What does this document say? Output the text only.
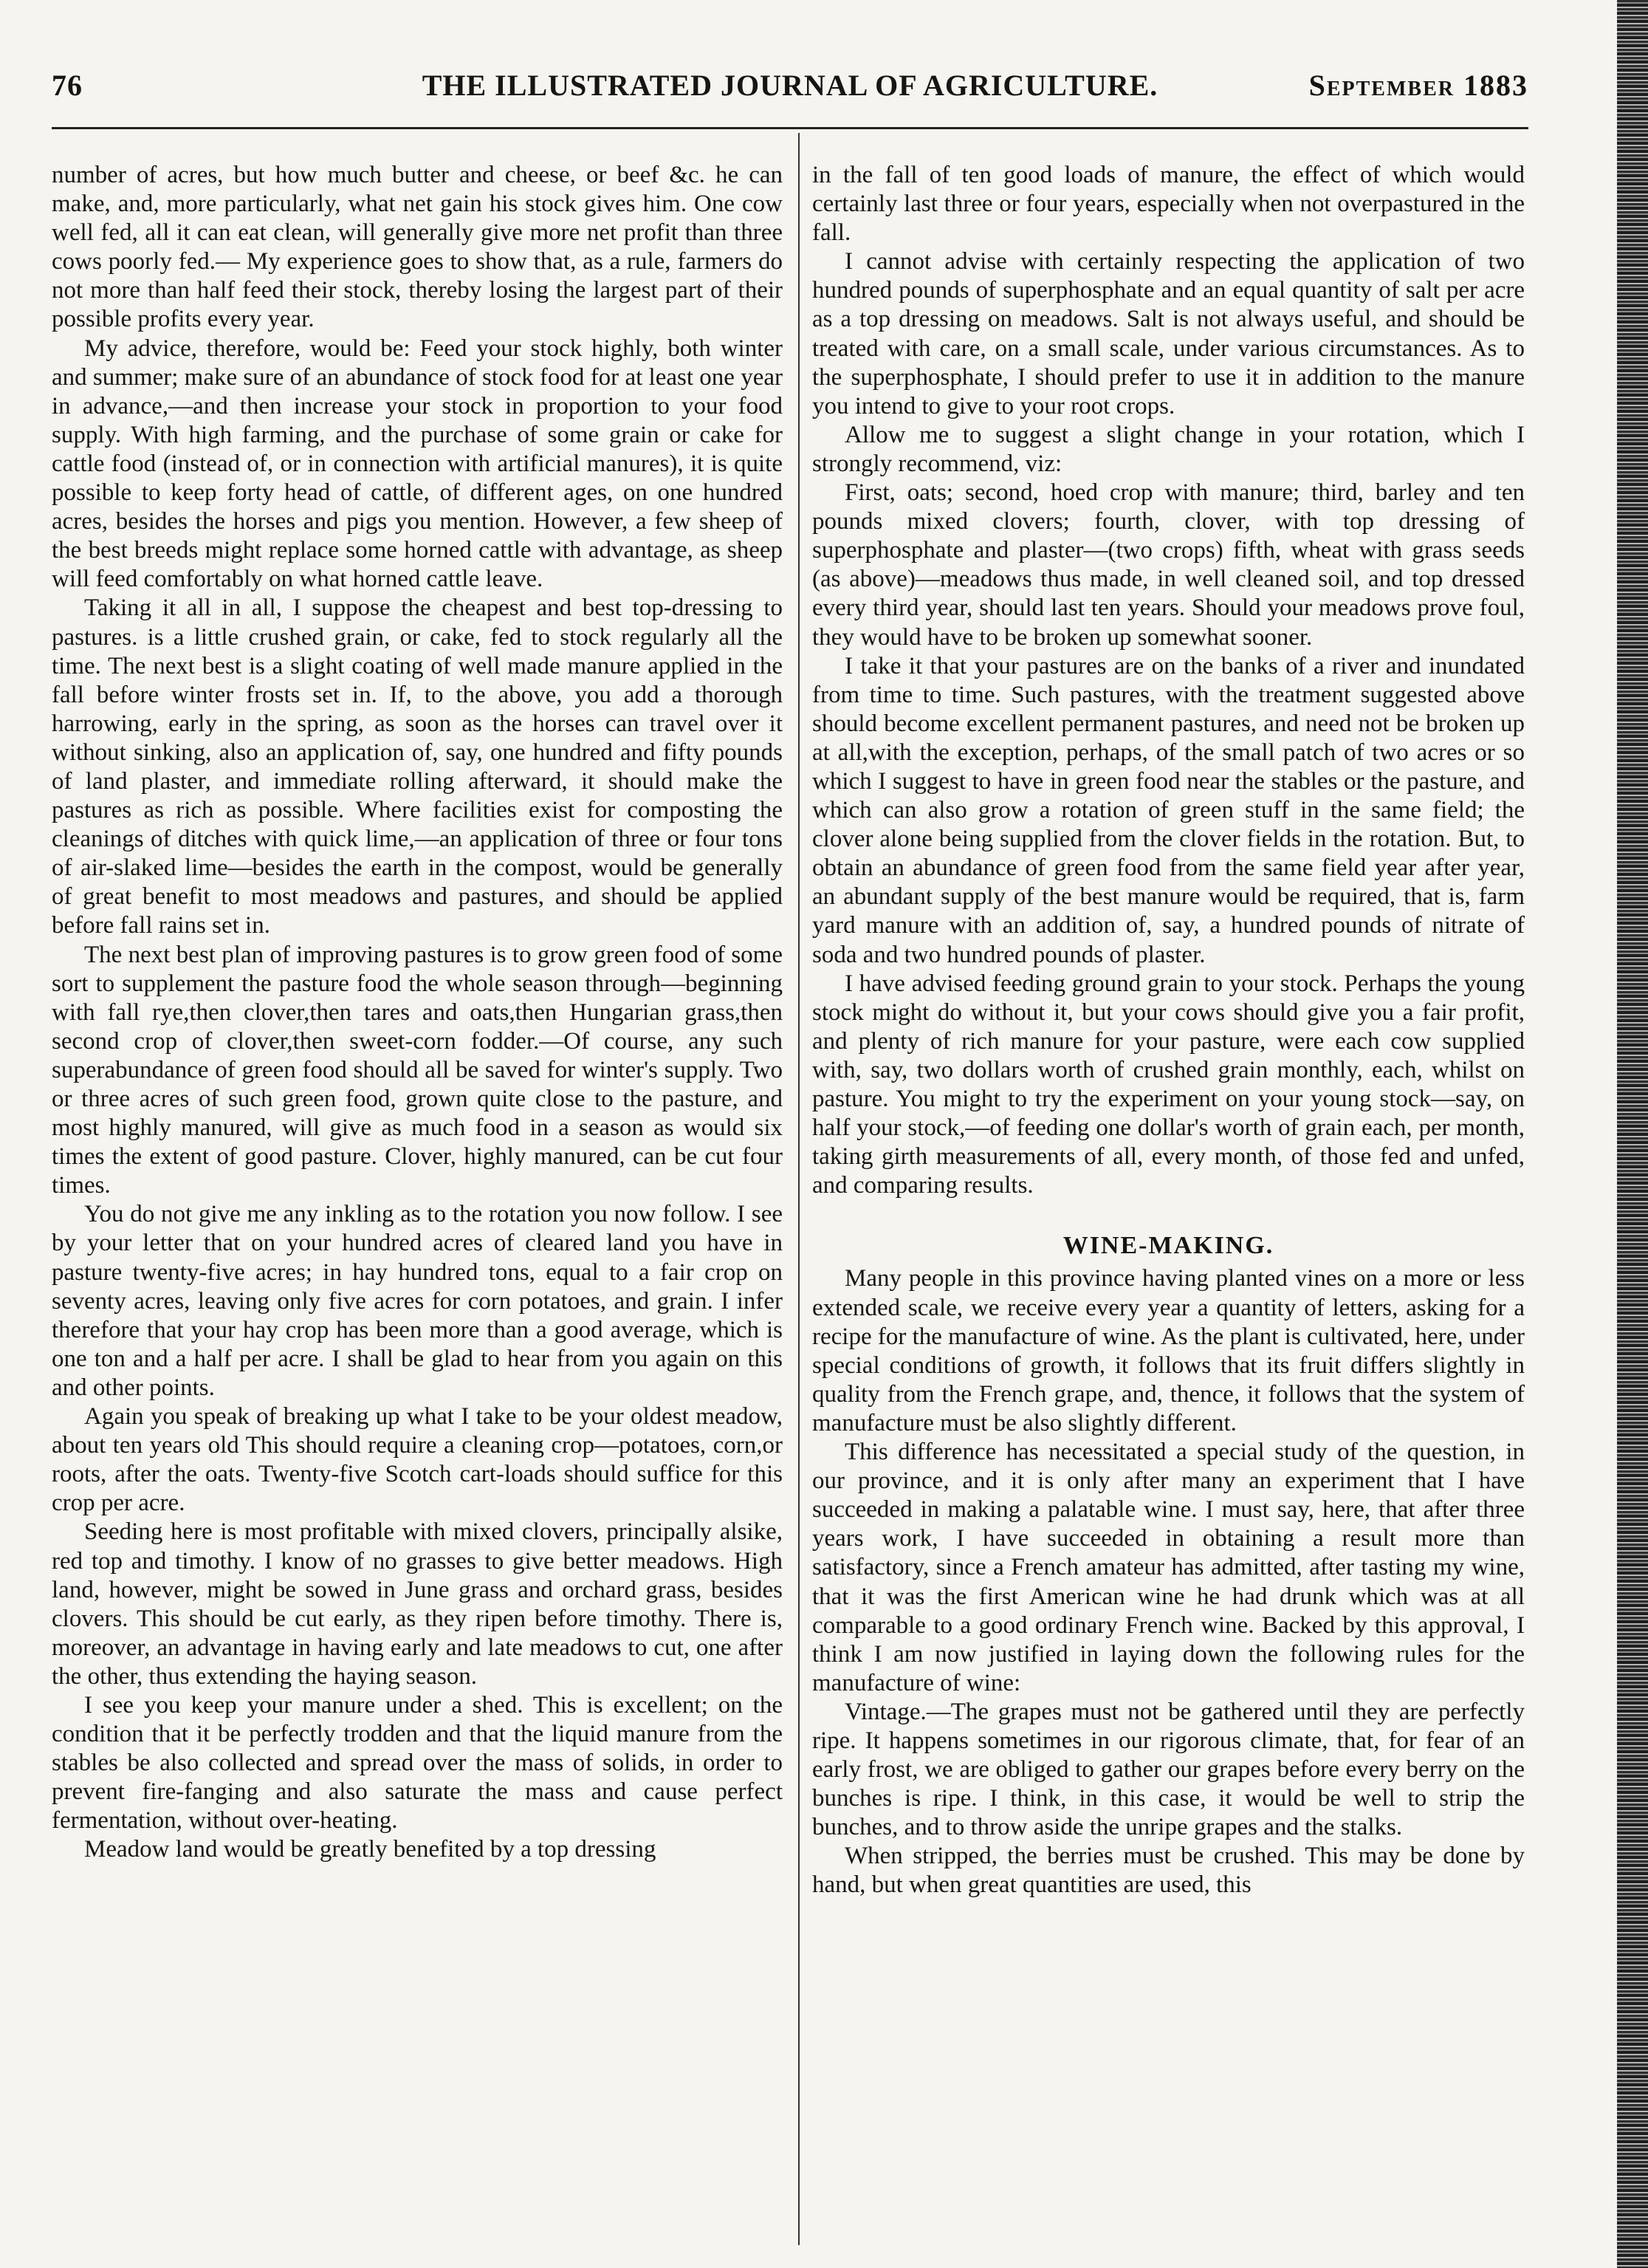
76	THE ILLUSTRATED JOURNAL OF AGRICULTURE.	September 1883

number of acres, but how much butter and cheese, or beef &c. he can make, and, more particularly, what net gain his stock gives him. One cow well fed, all it can eat clean, will generally give more net profit than three cows poorly fed.— My experience goes to show that, as a rule, farmers do not more than half feed their stock, thereby losing the largest part of their possible profits every year.

My advice, therefore, would be: Feed your stock highly, both winter and summer; make sure of an abundance of stock food for at least one year in advance,—and then increase your stock in proportion to your food supply. With high farming, and the purchase of some grain or cake for cattle food (instead of, or in connection with artificial manures), it is quite possible to keep forty head of cattle, of different ages, on one hundred acres, besides the horses and pigs you mention. However, a few sheep of the best breeds might replace some horned cattle with advantage, as sheep will feed comfortably on what horned cattle leave.

Taking it all in all, I suppose the cheapest and best top-dressing to pastures. is a little crushed grain, or cake, fed to stock regularly all the time. The next best is a slight coating of well made manure applied in the fall before winter frosts set in. If, to the above, you add a thorough harrowing, early in the spring, as soon as the horses can travel over it without sinking, also an application of, say, one hundred and fifty pounds of land plaster, and immediate rolling afterward, it should make the pastures as rich as possible. Where facilities exist for composting the cleanings of ditches with quick lime,—an application of three or four tons of air-slaked lime—besides the earth in the compost, would be generally of great benefit to most meadows and pastures, and should be applied before fall rains set in.

The next best plan of improving pastures is to grow green food of some sort to supplement the pasture food the whole season through—beginning with fall rye,then clover,then tares and oats,then Hungarian grass,then second crop of clover,then sweet-corn fodder.—Of course, any such superabundance of green food should all be saved for winter's supply. Two or three acres of such green food, grown quite close to the pasture, and most highly manured, will give as much food in a season as would six times the extent of good pasture. Clover, highly manured, can be cut four times.

You do not give me any inkling as to the rotation you now follow. I see by your letter that on your hundred acres of cleared land you have in pasture twenty-five acres; in hay hundred tons, equal to a fair crop on seventy acres, leaving only five acres for corn potatoes, and grain. I infer therefore that your hay crop has been more than a good average, which is one ton and a half per acre. I shall be glad to hear from you again on this and other points.

Again you speak of breaking up what I take to be your oldest meadow, about ten years old This should require a cleaning crop—potatoes, corn,or roots, after the oats. Twenty-five Scotch cart-loads should suffice for this crop per acre.

Seeding here is most profitable with mixed clovers, principally alsike, red top and timothy. I know of no grasses to give better meadows. High land, however, might be sowed in June grass and orchard grass, besides clovers. This should be cut early, as they ripen before timothy. There is, moreover, an advantage in having early and late meadows to cut, one after the other, thus extending the haying season.

I see you keep your manure under a shed. This is excellent; on the condition that it be perfectly trodden and that the liquid manure from the stables be also collected and spread over the mass of solids, in order to prevent fire-fanging and also saturate the mass and cause perfect fermentation, without over-heating.

Meadow land would be greatly benefited by a top dressing

in the fall of ten good loads of manure, the effect of which would certainly last three or four years, especially when not overpastured in the fall.

I cannot advise with certainly respecting the application of two hundred pounds of superphosphate and an equal quantity of salt per acre as a top dressing on meadows. Salt is not always useful, and should be treated with care, on a small scale, under various circumstances. As to the superphosphate, I should prefer to use it in addition to the manure you intend to give to your root crops.

Allow me to suggest a slight change in your rotation, which I strongly recommend, viz:

First, oats; second, hoed crop with manure; third, barley and ten pounds mixed clovers; fourth, clover, with top dressing of superphosphate and plaster—(two crops) fifth, wheat with grass seeds (as above)—meadows thus made, in well cleaned soil, and top dressed every third year, should last ten years. Should your meadows prove foul, they would have to be broken up somewhat sooner.

I take it that your pastures are on the banks of a river and inundated from time to time. Such pastures, with the treatment suggested above should become excellent permanent pastures, and need not be broken up at all,with the exception, perhaps, of the small patch of two acres or so which I suggest to have in green food near the stables or the pasture, and which can also grow a rotation of green stuff in the same field; the clover alone being supplied from the clover fields in the rotation. But, to obtain an abundance of green food from the same field year after year, an abundant supply of the best manure would be required, that is, farm yard manure with an addition of, say, a hundred pounds of nitrate of soda and two hundred pounds of plaster.

I have advised feeding ground grain to your stock. Perhaps the young stock might do without it, but your cows should give you a fair profit, and plenty of rich manure for your pasture, were each cow supplied with, say, two dollars worth of crushed grain monthly, each, whilst on pasture. You might to try the experiment on your young stock—say, on half your stock,—of feeding one dollar's worth of grain each, per month, taking girth measurements of all, every month, of those fed and unfed, and comparing results.

WINE-MAKING.

Many people in this province having planted vines on a more or less extended scale, we receive every year a quantity of letters, asking for a recipe for the manufacture of wine. As the plant is cultivated, here, under special conditions of growth, it follows that its fruit differs slightly in quality from the French grape, and, thence, it follows that the system of manufacture must be also slightly different.

This difference has necessitated a special study of the question, in our province, and it is only after many an experiment that I have succeeded in making a palatable wine. I must say, here, that after three years work, I have succeeded in obtaining a result more than satisfactory, since a French amateur has admitted, after tasting my wine, that it was the first American wine he had drunk which was at all comparable to a good ordinary French wine. Backed by this approval, I think I am now justified in laying down the following rules for the manufacture of wine:

Vintage.—The grapes must not be gathered until they are perfectly ripe. It happens sometimes in our rigorous climate, that, for fear of an early frost, we are obliged to gather our grapes before every berry on the bunches is ripe. I think, in this case, it would be well to strip the bunches, and to throw aside the unripe grapes and the stalks.

When stripped, the berries must be crushed. This may be done by hand, but when great quantities are used, this
